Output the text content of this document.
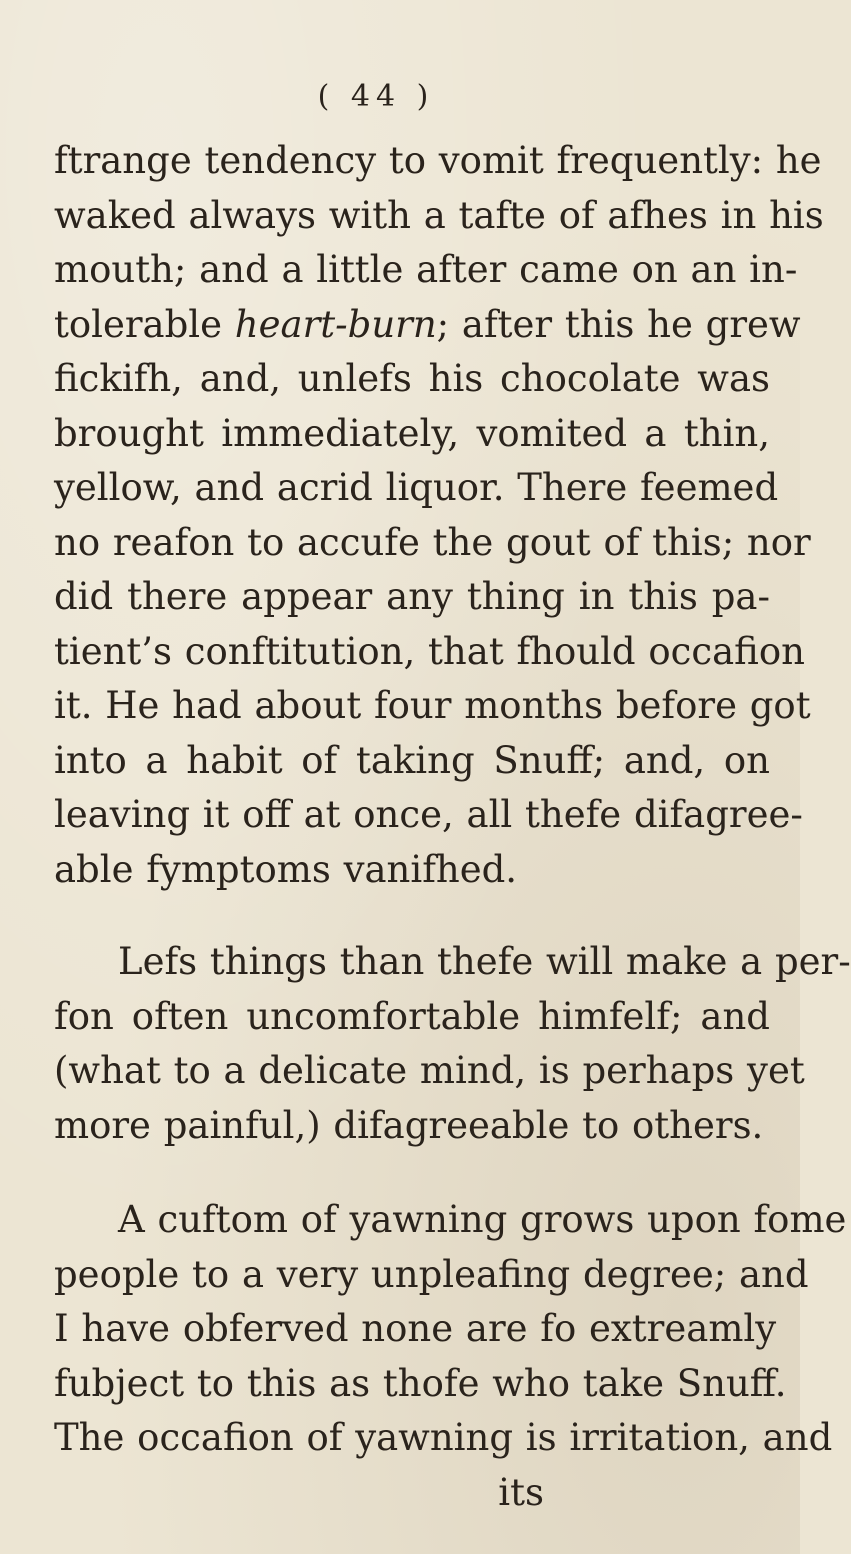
( 44 )

ftrange tendency to vomit frequently: he
waked always with a tafte of afhes in his
mouth; and a little after came on an in-
tolerable heart-burn; after this he grew
fickifh, and, unlefs his chocolate was
brought immediately, vomited a thin,
yellow, and acrid liquor. There feemed
no reafon to accufe the gout of this; nor
did there appear any thing in this pa-
tient’s conftitution, that fhould occafion
it. He had about four months before got
into a habit of taking Snuff; and, on
leaving it off at once, all thefe difagree-
able fymptoms vanifhed.

Lefs things than thefe will make a per-
fon often uncomfortable himfelf; and
(what to a delicate mind, is perhaps yet
more painful,) difagreeable to others.

A cuftom of yawning grows upon fome
people to a very unpleafing degree; and
I have obferved none are fo extreamly
fubject to this as thofe who take Snuff.
The occafion of yawning is irritation, and

its
